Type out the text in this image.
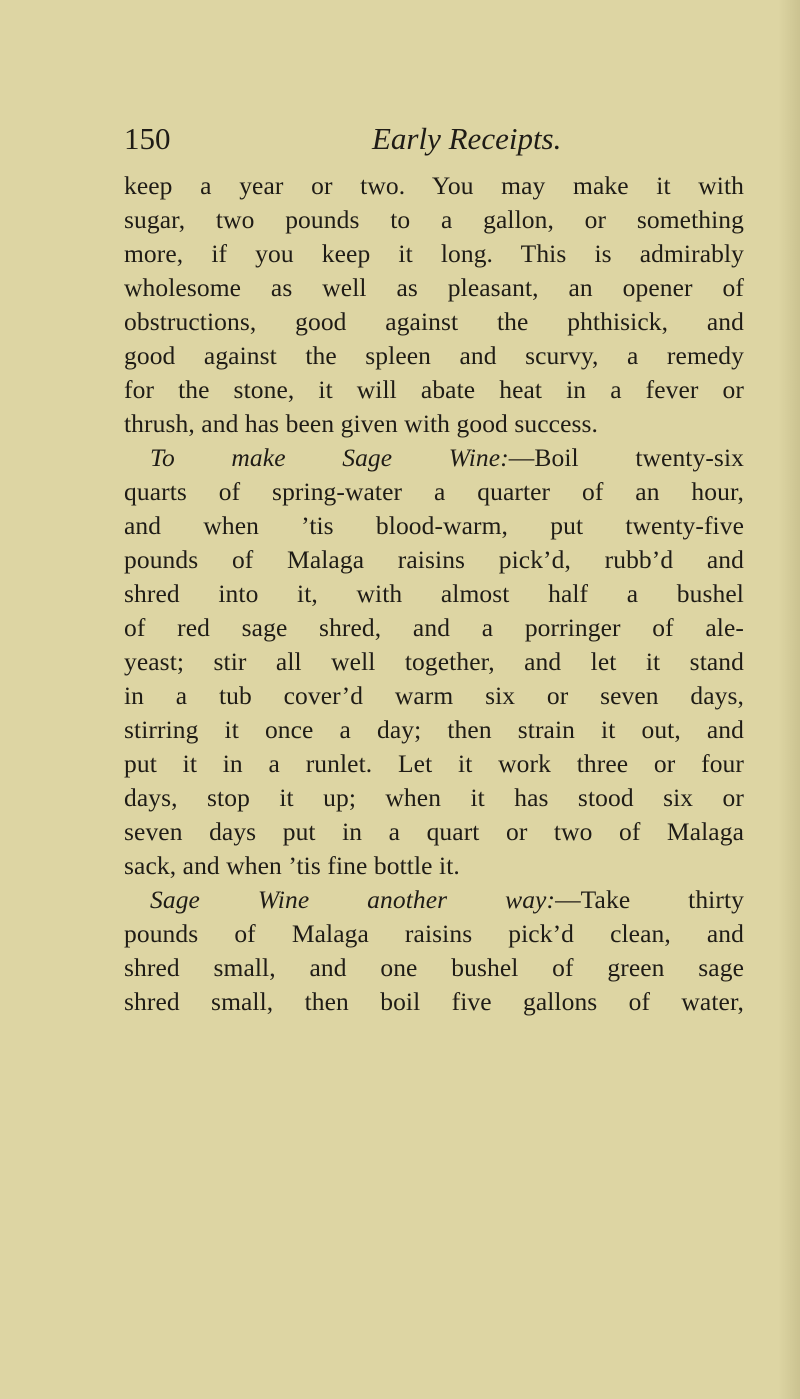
150	Early Receipts.
keep a year or two. You may make it with
sugar, two pounds to a gallon, or something
more, if you keep it long. This is admirably
wholesome as well as pleasant, an opener of
obstructions, good against the phthisick, and
good against the spleen and scurvy, a remedy
for the stone, it will abate heat in a fever or
thrush, and has been given with good success.
To make Sage Wine:—Boil twenty-six
quarts of spring-water a quarter of an hour,
and when ’tis blood-warm, put twenty-five
pounds of Malaga raisins pick’d, rubb’d and
shred into it, with almost half a bushel
of red sage shred, and a porringer of ale-
yeast; stir all well together, and let it stand
in a tub cover’d warm six or seven days,
stirring it once a day; then strain it out, and
put it in a runlet. Let it work three or four
days, stop it up; when it has stood six or
seven days put in a quart or two of Malaga
sack, and when ’tis fine bottle it.
Sage Wine another way:—Take thirty
pounds of Malaga raisins pick’d clean, and
shred small, and one bushel of green sage
shred small, then boil five gallons of water,
